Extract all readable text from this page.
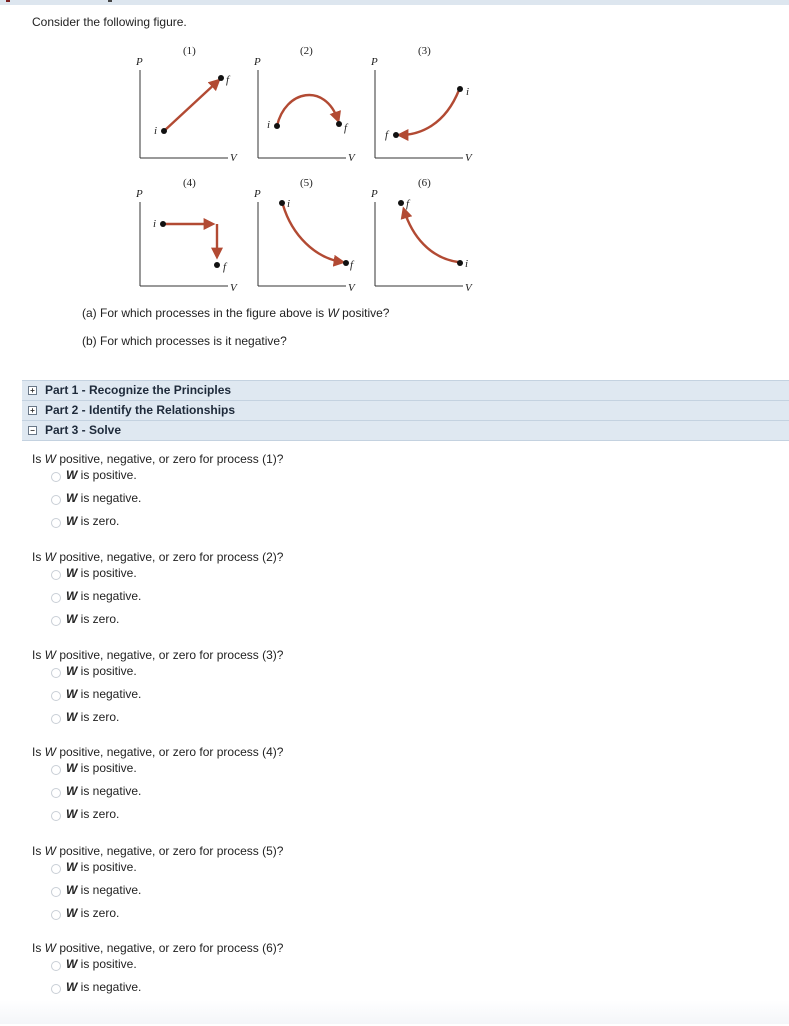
Consider the following figure.
(1)
P
V
i
f
(2)
P
V
i	f
(3)
P
V
i
f
(4)
P
V
i
f
(5)
P
V
i
f
(6)
P
V
i
f
(a) For which processes in the figure above is W positive?
(b) For which processes is it negative?
+ Part 1 - Recognize the Principles
+ Part 2 - Identify the Relationships
− Part 3 - Solve
Is W positive, negative, or zero for process (1)?
W is positive.
W is negative.
W is zero.
Is W positive, negative, or zero for process (2)?
W is positive.
W is negative.
W is zero.
Is W positive, negative, or zero for process (3)?
W is positive.
W is negative.
W is zero.
Is W positive, negative, or zero for process (4)?
W is positive.
W is negative.
W is zero.
Is W positive, negative, or zero for process (5)?
W is positive.
W is negative.
W is zero.
Is W positive, negative, or zero for process (6)?
W is positive.
W is negative.
